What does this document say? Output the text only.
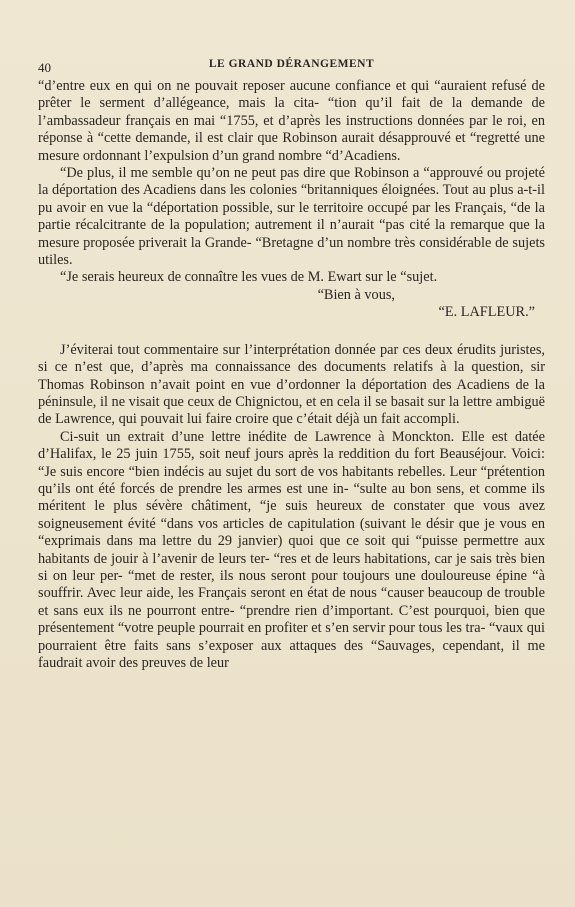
40	LE GRAND DÉRANGEMENT

“d’entre eux en qui on ne pouvait reposer aucune confiance et qui “auraient refusé de prêter le serment d’allégeance, mais la cita- “tion qu’il fait de la demande de l’ambassadeur français en mai “1755, et d’après les instructions données par le roi, en réponse à “cette demande, il est clair que Robinson aurait désapprouvé et “regretté une mesure ordonnant l’expulsion d’un grand nombre “d’Acadiens.

“De plus, il me semble qu’on ne peut pas dire que Robinson a “approuvé ou projeté la déportation des Acadiens dans les colonies “britanniques éloignées. Tout au plus a-t-il pu avoir en vue la “déportation possible, sur le territoire occupé par les Français, “de la partie récalcitrante de la population; autrement il n’aurait “pas cité la remarque que la mesure proposée priverait la Grande- “Bretagne d’un nombre très considérable de sujets utiles.

“Je serais heureux de connaître les vues de M. Ewart sur le “sujet.

“Bien à vous,

“E. LAFLEUR.”

J’éviterai tout commentaire sur l’interprétation donnée par ces deux érudits juristes, si ce n’est que, d’après ma connaissance des documents relatifs à la question, sir Thomas Robinson n’avait point en vue d’ordonner la déportation des Acadiens de la péninsule, il ne visait que ceux de Chignictou, et en cela il se basait sur la lettre ambiguë de Lawrence, qui pouvait lui faire croire que c’était déjà un fait accompli.

Ci-suit un extrait d’une lettre inédite de Lawrence à Monckton. Elle est datée d’Halifax, le 25 juin 1755, soit neuf jours après la reddition du fort Beauséjour. Voici: “Je suis encore “bien indécis au sujet du sort de vos habitants rebelles. Leur “prétention qu’ils ont été forcés de prendre les armes est une in- “sulte au bon sens, et comme ils méritent le plus sévère châtiment, “je suis heureux de constater que vous avez soigneusement évité “dans vos articles de capitulation (suivant le désir que je vous en “exprimais dans ma lettre du 29 janvier) quoi que ce soit qui “puisse permettre aux habitants de jouir à l’avenir de leurs ter- “res et de leurs habitations, car je sais très bien si on leur per- “met de rester, ils nous seront pour toujours une douloureuse épine “à souffrir. Avec leur aide, les Français seront en état de nous “causer beaucoup de trouble et sans eux ils ne pourront entre- “prendre rien d’important. C’est pourquoi, bien que présentement “votre peuple pourrait en profiter et s’en servir pour tous les tra- “vaux qui pourraient être faits sans s’exposer aux attaques des “Sauvages, cependant, il me faudrait avoir des preuves de leur
